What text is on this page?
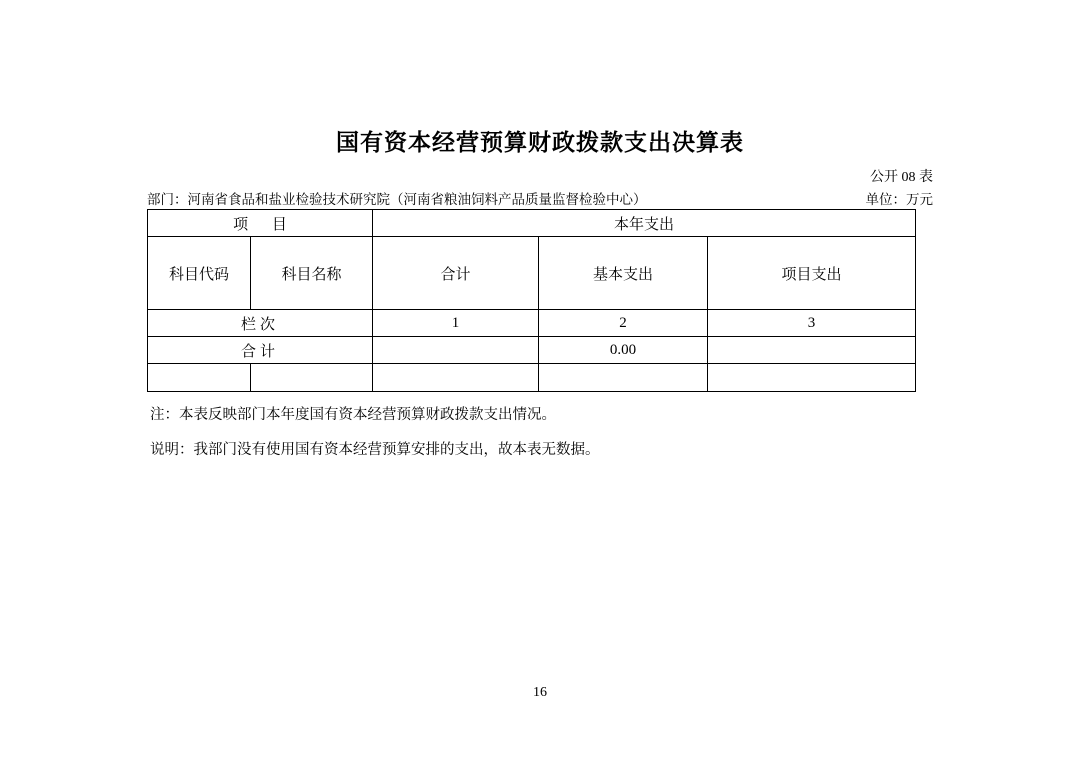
国有资本经营预算财政拨款支出决算表
公开 08 表
部门：河南省食品和盐业检验技术研究院（河南省粮油饲料产品质量监督检验中心）	单位：万元
项 目		本年支出		
科目代码	科目名称	合计	基本支出	项目支出
栏次		1	2	3
合计			0.00	

注：本表反映部门本年度国有资本经营预算财政拨款支出情况。
说明：我部门没有使用国有资本经营预算安排的支出，故本表无数据。
16
